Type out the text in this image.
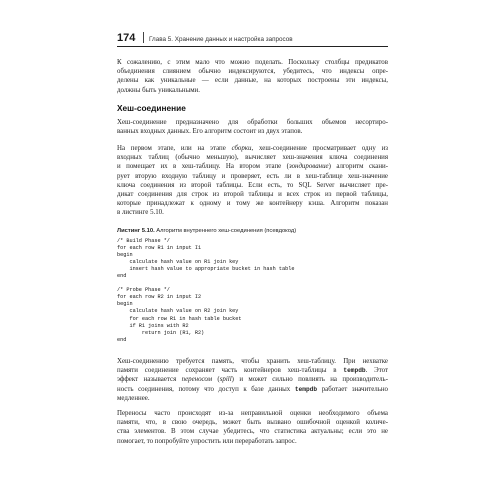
174	Глава 5. Хранение данных и настройка запросов

К сожалению, с этим мало что можно поделать. Поскольку столбцы предикатов

объединения слиянием обычно индексируются, убедитесь, что индексы опре-

делены как уникальные — если данные, на которых построены эти индексы,

должны быть уникальными.

Хеш-соединение

Хеш-соединение предназначено для обработки больших объемов несортиро-

ванных входных данных. Его алгоритм состоит из двух этапов.

На первом этапе, или на этапе сборки, хеш-соединение просматривает одну из

входных таблиц (обычно меньшую), вычисляет хеш-значения ключа соединения

и помещает их в хеш-таблицу. На втором этапе (зондирование) алгоритм скани-

рует вторую входную таблицу и проверяет, есть ли в хеш-таблице хеш-значение

ключа соединения из второй таблицы. Если есть, то SQL Server вычисляет пре-

дикат соединения для строк из второй таблицы и всех строк из первой таблицы,

которые принадлежат к одному и тому же контейнеру кэша. Алгоритм показан

в листинге 5.10.

Листинг 5.10. Алгоритм внутреннего хеш-соединения (псевдокод)
/* Build Phase */
for each row R1 in input I1
begin
calculate hash value on R1 join key
insert hash value to appropriate bucket in hash table
end

/* Probe Phase */
for each row R2 in input I2
begin
calculate hash value on R2 join key
for each row R1 in hash table bucket
if R1 joins with R2
return join (R1, R2)
end

Хеш-соединению требуется память, чтобы хранить хеш-таблицу. При нехватке

памяти соединение сохраняет часть контейнеров хеш-таблицы в tempdb. Этот

эффект называется переносом (spill) и может сильно повлиять на производитель-

ность соединения, потому что доступ к базе данных tempdb работает значительно

медленнее.

Переносы часто происходят из-за неправильной оценки необходимого объема

памяти, что, в свою очередь, может быть вызвано ошибочной оценкой количе-

ства элементов. В этом случае убедитесь, что статистика актуальны; если это не

помогает, то попробуйте упростить или переработать запрос.
